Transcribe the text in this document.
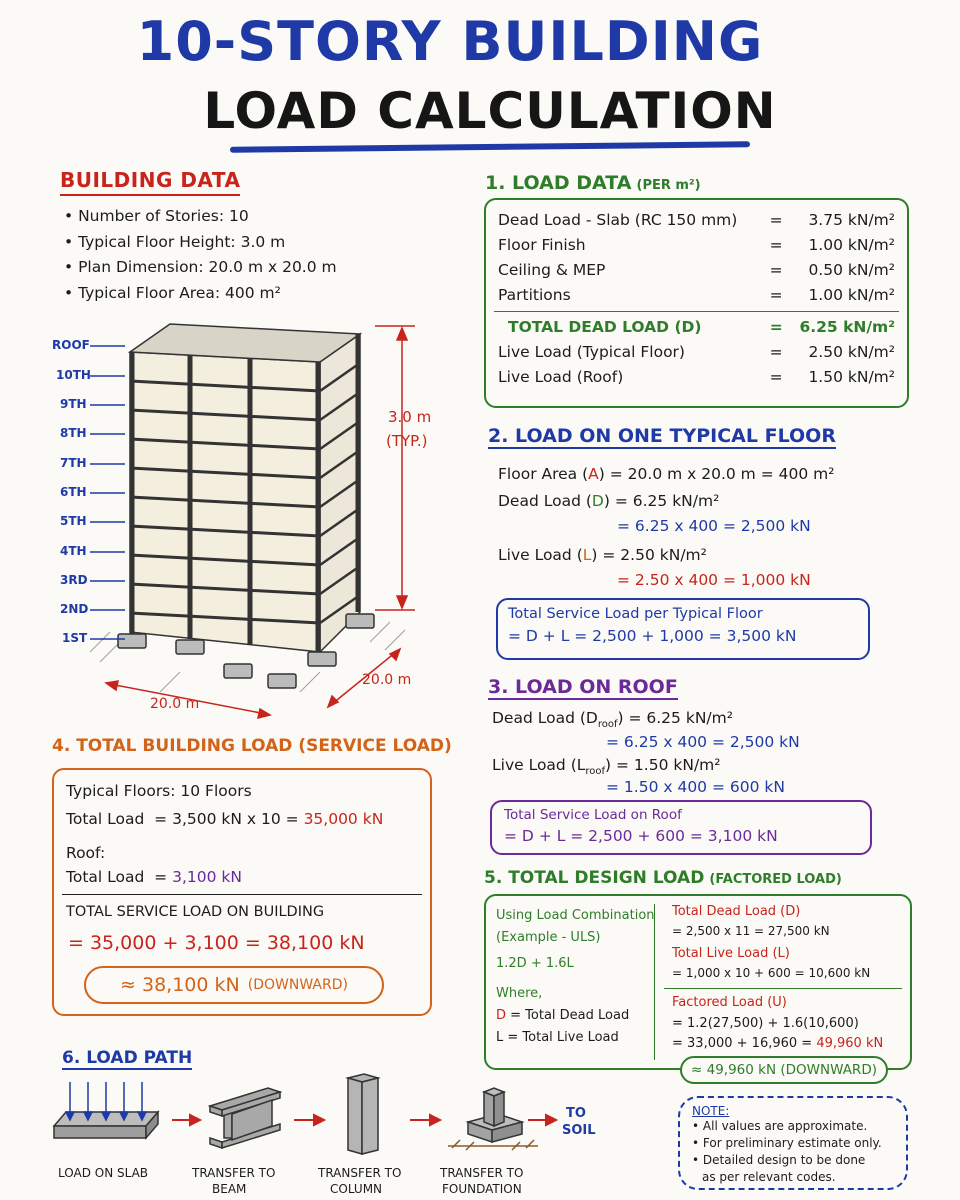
10-STORY BUILDING
LOAD CALCULATION
BUILDING DATA
• Number of Stories: 10
• Typical Floor Height: 3.0 m
• Plan Dimension: 20.0 m x 20.0 m
• Typical Floor Area: 400 m²
ROOF
10TH
9TH
8TH
7TH
6TH
5TH
4TH
3RD
2ND
1ST
3.0 m
(TYP.)
20.0 m
20.0 m
1. LOAD DATA (PER m²)
Dead Load - Slab (RC 150 mm)	=	3.75 kN/m²
Floor Finish	=	1.00 kN/m²
Ceiling & MEP	=	0.50 kN/m²
Partitions	=	1.00 kN/m²
TOTAL DEAD LOAD (D)	=	6.25 kN/m²
Live Load (Typical Floor)	=	2.50 kN/m²
Live Load (Roof)	=	1.50 kN/m²
2. LOAD ON ONE TYPICAL FLOOR
Floor Area (A) = 20.0 m x 20.0 m = 400 m²
Dead Load (D) = 6.25 kN/m²
= 6.25 x 400 = 2,500 kN
Live Load (L) = 2.50 kN/m²
= 2.50 x 400 = 1,000 kN
Total Service Load per Typical Floor
= D + L = 2,500 + 1,000 = 3,500 kN
3. LOAD ON ROOF
Dead Load $(D_{roof}) = 6.25$ kN/m²
= 6.25 x 400 = 2,500 kN
Live Load $(L_{roof}) = 1.50$ kN/m²
= 1.50 x 400 = 600 kN
Total Service Load on Roof
= D + L = 2,500 + 600 = 3,100 kN
4. TOTAL BUILDING LOAD (SERVICE LOAD)
Typical Floors: 10 Floors
Total Load = 3,500 kN x 10 = 35,000 kN
Roof:
Total Load = 3,100 kN
TOTAL SERVICE LOAD ON BUILDING
= 35,000 + 3,100 = 38,100 kN
≈ 38,100 kN (DOWNWARD)
5. TOTAL DESIGN LOAD (FACTORED LOAD)
Using Load Combination
(Example - ULS)
1.2D + 1.6L
Where,
D = Total Dead Load
L = Total Live Load
Total Dead Load (D)
= 2,500 x 11 = 27,500 kN
Total Live Load (L)
= 1,000 x 10 + 600 = 10,600 kN
Factored Load (U)
= 1.2(27,500) + 1.6(10,600)
= 33,000 + 16,960 = 49,960 kN
≈ 49,960 kN (DOWNWARD)
6. LOAD PATH
TO
SOIL
LOAD ON SLAB	TRANSFER TO
BEAM
TRANSFER TO
COLUMN
TRANSFER TO
FOUNDATION
NOTE:
• All values are approximate.
• For preliminary estimate only.
• Detailed design to be done
as per relevant codes.
